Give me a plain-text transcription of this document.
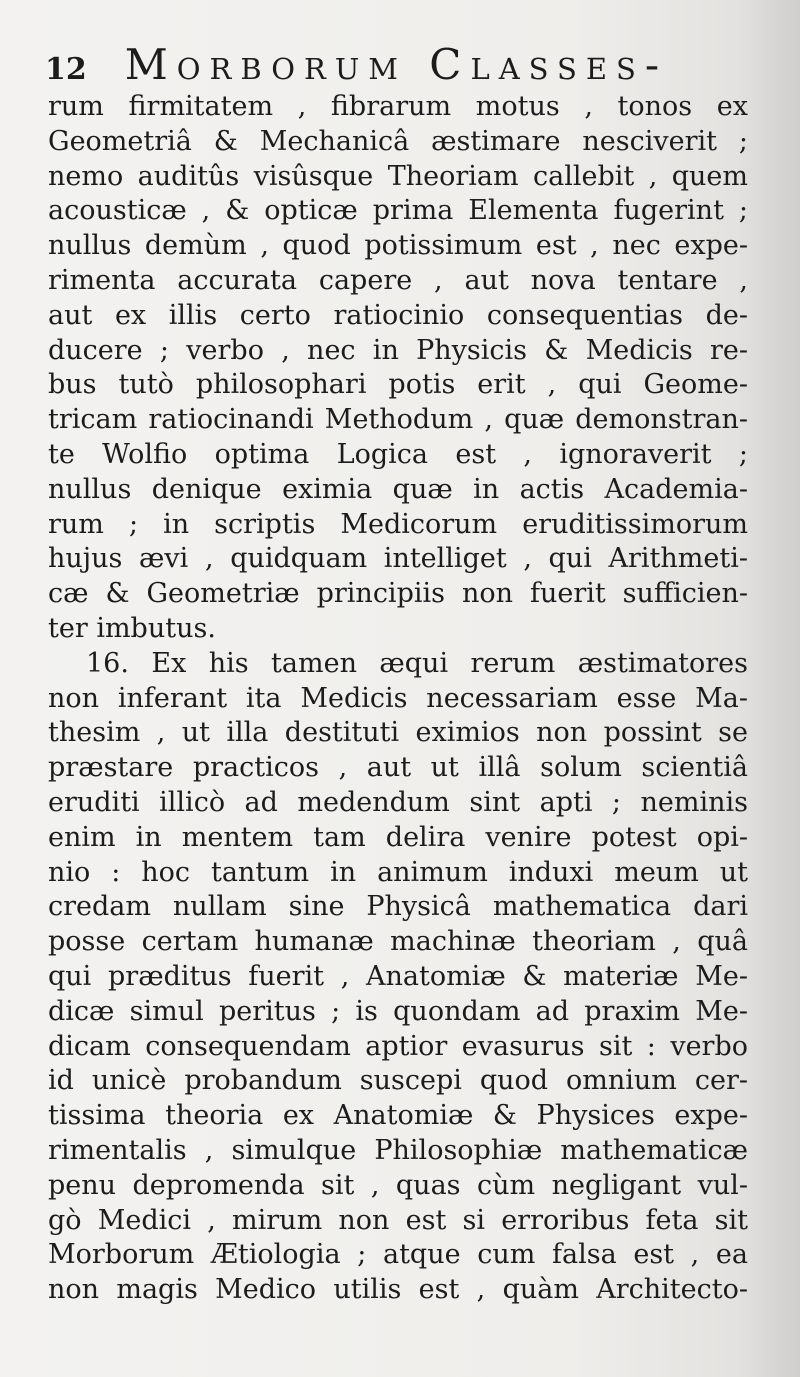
12 Morborum Classes-
rum firmitatem , fibrarum motus , tonos ex
Geometriâ & Mechanicâ æstimare nesciverit ;
nemo auditûs visûsque Theoriam callebit , quem
acousticæ , & opticæ prima Elementa fugerint ;
nullus demùm , quod potissimum est , nec expe-
rimenta accurata capere , aut nova tentare ,
aut ex illis certo ratiocinio consequentias de-
ducere ; verbo , nec in Physicis & Medicis re-
bus tutò philosophari potis erit , qui Geome-
tricam ratiocinandi Methodum , quæ demonstran-
te Wolfio optima Logica est , ignoraverit ;
nullus denique eximia quæ in actis Academia-
rum ; in scriptis Medicorum eruditissimorum
hujus ævi , quidquam intelliget , qui Arithmeti-
cæ & Geometriæ principiis non fuerit sufficien-
ter imbutus.
16. Ex his tamen æqui rerum æstimatores
non inferant ita Medicis necessariam esse Ma-
thesim , ut illa destituti eximios non possint se
præstare practicos , aut ut illâ solum scientiâ
eruditi illicò ad medendum sint apti ; neminis
enim in mentem tam delira venire potest opi-
nio : hoc tantum in animum induxi meum ut
credam nullam sine Physicâ mathematica dari
posse certam humanæ machinæ theoriam , quâ
qui præditus fuerit , Anatomiæ & materiæ Me-
dicæ simul peritus ; is quondam ad praxim Me-
dicam consequendam aptior evasurus sit : verbo
id unicè probandum suscepi quod omnium cer-
tissima theoria ex Anatomiæ & Physices expe-
rimentalis , simulque Philosophiæ mathematicæ
penu depromenda sit , quas cùm negligant vul-
gò Medici , mirum non est si erroribus feta sit
Morborum Ætiologia ; atque cum falsa est , ea
non magis Medico utilis est , quàm Architecto-
